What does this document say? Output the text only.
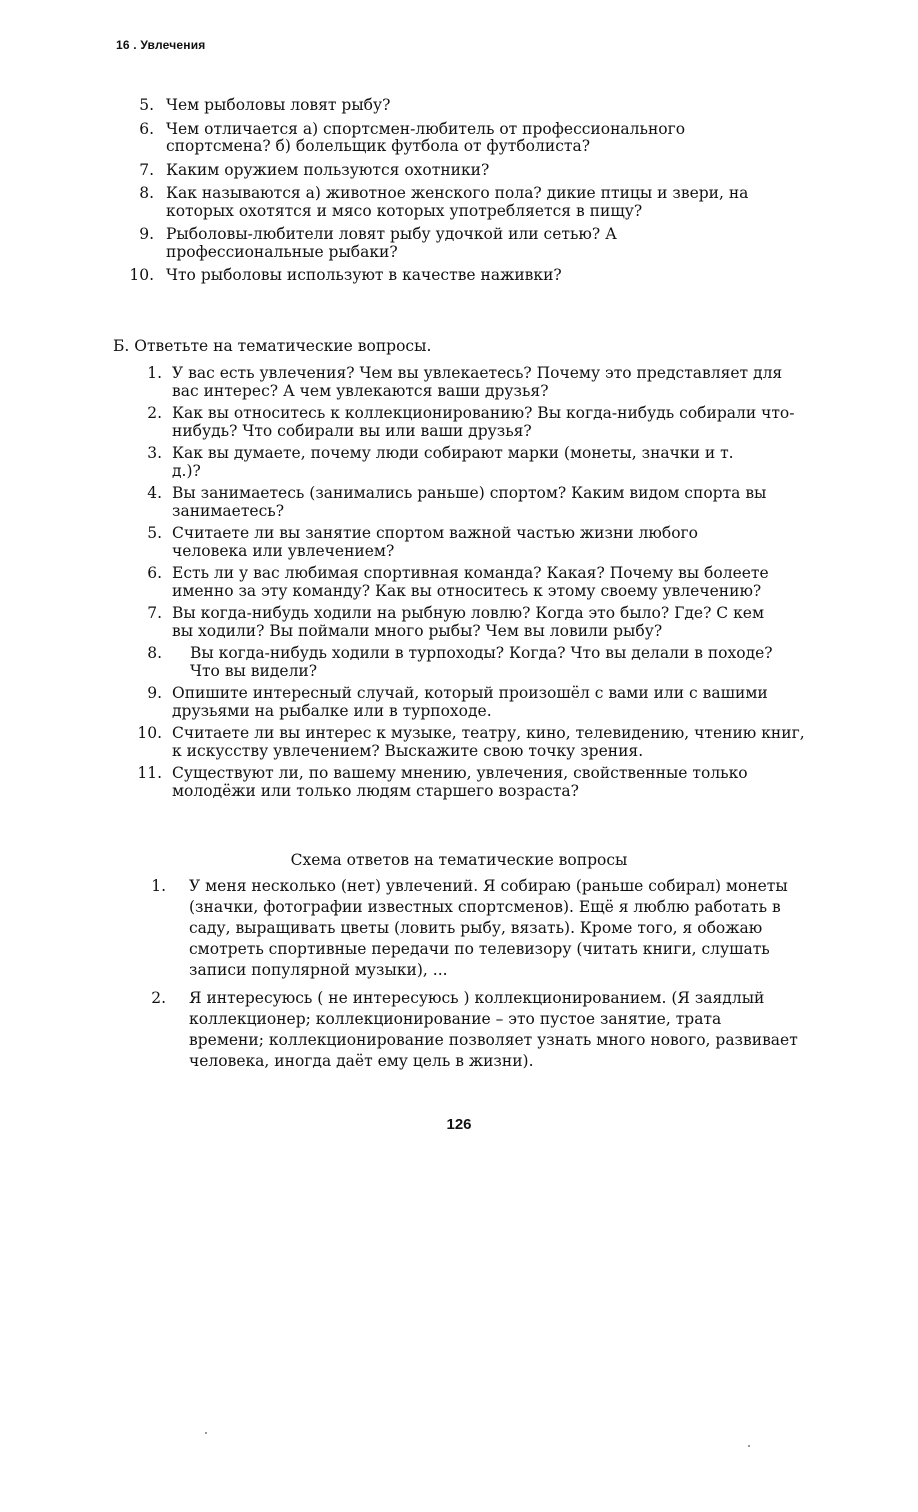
16 . Увлечения
5. Чем рыболовы ловят рыбу?
6. Чем отличается а) спортсмен-любитель от профессионального спортсмена? б) болельщик футбола от футболиста?
7. Каким оружием пользуются охотники?
8. Как называются а) животное женского пола? дикие птицы и звери, на которых охотятся и мясо которых употребляется в пищу?
9. Рыболовы-любители ловят рыбу удочкой или сетью? А профессиональные рыбаки?
10. Что рыболовы используют в качестве наживки?
Б. Ответьте на тематические вопросы.
1. У вас есть увлечения? Чем вы увлекаетесь? Почему это представляет для вас интерес? А чем увлекаются ваши друзья?
2. Как вы относитесь к коллекционированию? Вы когда-нибудь собирали что-нибудь? Что собирали вы или ваши друзья?
3. Как вы думаете, почему люди собирают марки (монеты, значки и т. д.)?
4. Вы занимаетесь (занимались раньше) спортом? Каким видом спорта вы занимаетесь?
5. Считаете ли вы занятие спортом важной частью жизни любого человека или увлечением?
6. Есть ли у вас любимая спортивная команда? Какая? Почему вы болеете именно за эту команду? Как вы относитесь к этому своему увлечению?
7. Вы когда-нибудь ходили на рыбную ловлю? Когда это было? Где? С кем вы ходили? Вы поймали много рыбы? Чем вы ловили рыбу?
8. Вы когда-нибудь ходили в турпоходы? Когда? Что вы делали в походе? Что вы видели?
9. Опишите интересный случай, который произошёл с вами или с вашими друзьями на рыбалке или в турпоходе.
10. Считаете ли вы интерес к музыке, театру, кино, телевидению, чтению книг, к искусству увлечением? Выскажите свою точку зрения.
11. Существуют ли, по вашему мнению, увлечения, свойственные только молодёжи или только людям старшего возраста?
Схема ответов на тематические вопросы
1. У меня несколько (нет) увлечений. Я собираю (раньше собирал) монеты (значки, фотографии известных спортсменов). Ещё я люблю работать в саду, выращивать цветы (ловить рыбу, вязать). Кроме того, я обожаю смотреть спортивные передачи по телевизору (читать книги, слушать записи популярной музыки), ...
2. Я интересуюсь ( не интересуюсь ) коллекционированием. (Я заядлый коллекционер; коллекционирование – это пустое занятие, трата времени; коллекционирование позволяет узнать много нового, развивает человека, иногда даёт ему цель в жизни).
126
